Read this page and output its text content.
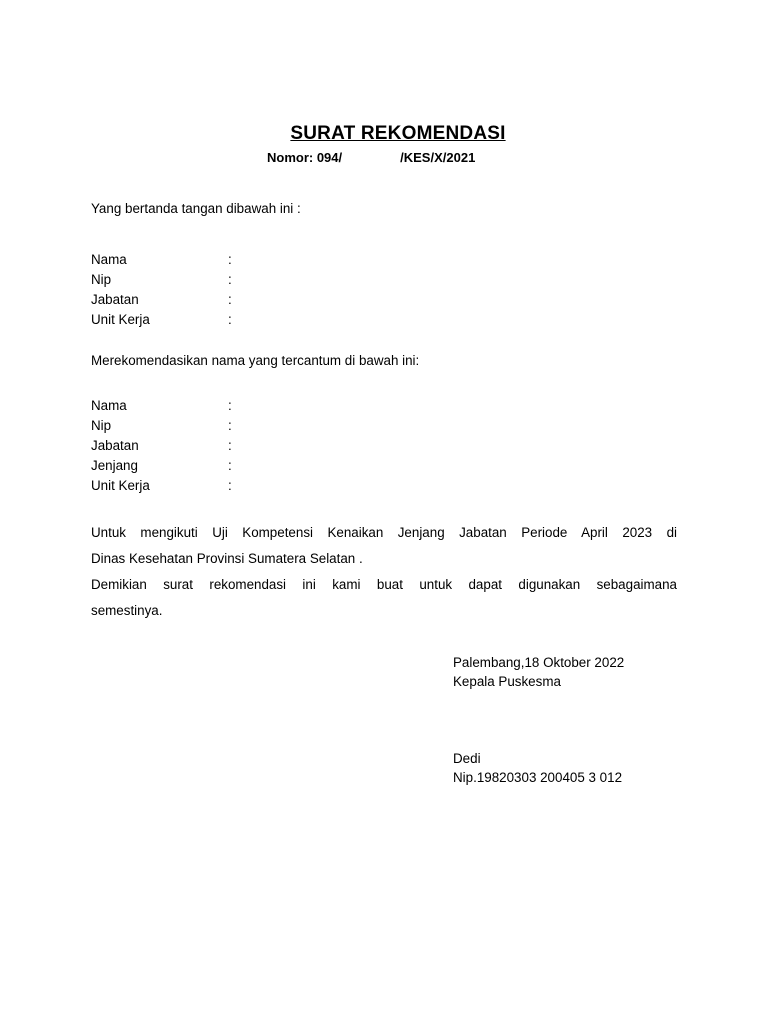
SURAT REKOMENDASI
Nomor: 094/	/KES/X/2021
Yang bertanda tangan dibawah ini :
Nama	:
Nip	:
Jabatan	:
Unit Kerja	:
Merekomendasikan nama yang tercantum di bawah ini:
Nama	:
Nip	:
Jabatan	:
Jenjang	:
Unit Kerja	:
Untuk mengikuti Uji Kompetensi Kenaikan Jenjang Jabatan Periode April 2023 di
Dinas Kesehatan Provinsi Sumatera Selatan .
Demikian surat rekomendasi ini kami buat untuk dapat digunakan sebagaimana
semestinya.
Palembang,18 Oktober 2022
Kepala Puskesma
Dedi
Nip.19820303 200405 3 012
